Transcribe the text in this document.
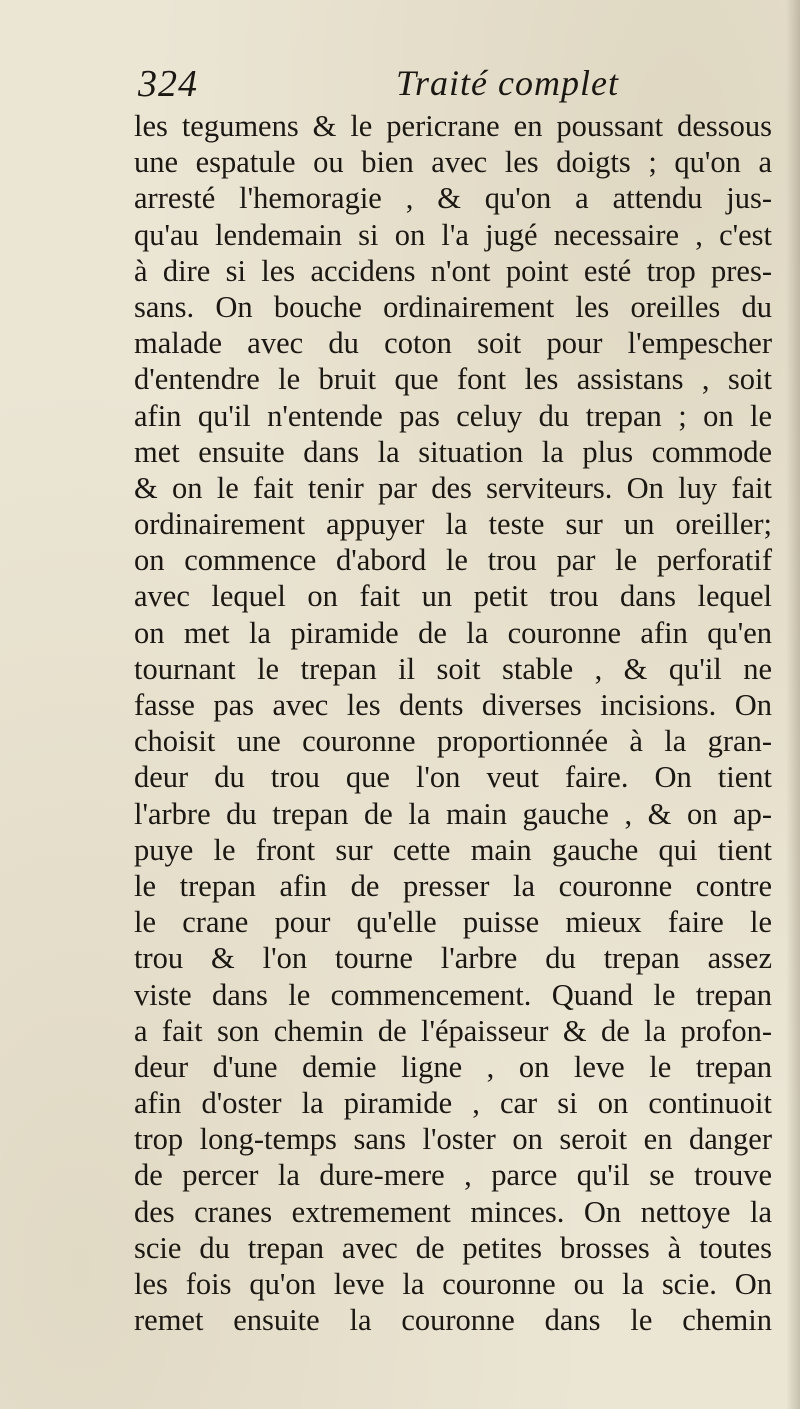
324	Traité complet
les tegumens & le pericrane en poussant dessous
une espatule ou bien avec les doigts ; qu'on a
arresté l'hemoragie , & qu'on a attendu jus-
qu'au lendemain si on l'a jugé necessaire , c'est
à dire si les accidens n'ont point esté trop pres-
sans. On bouche ordinairement les oreilles du
malade avec du coton soit pour l'empescher
d'entendre le bruit que font les assistans , soit
afin qu'il n'entende pas celuy du trepan ; on le
met ensuite dans la situation la plus commode
& on le fait tenir par des serviteurs. On luy fait
ordinairement appuyer la teste sur un oreiller;
on commence d'abord le trou par le perforatif
avec lequel on fait un petit trou dans lequel
on met la piramide de la couronne afin qu'en
tournant le trepan il soit stable , & qu'il ne
fasse pas avec les dents diverses incisions. On
choisit une couronne proportionnée à la gran-
deur du trou que l'on veut faire. On tient
l'arbre du trepan de la main gauche , & on ap-
puye le front sur cette main gauche qui tient
le trepan afin de presser la couronne contre
le crane pour qu'elle puisse mieux faire le
trou & l'on tourne l'arbre du trepan assez
viste dans le commencement. Quand le trepan
a fait son chemin de l'épaisseur & de la profon-
deur d'une demie ligne , on leve le trepan
afin d'oster la piramide , car si on continuoit
trop long-temps sans l'oster on seroit en danger
de percer la dure-mere , parce qu'il se trouve
des cranes extremement minces. On nettoye la
scie du trepan avec de petites brosses à toutes
les fois qu'on leve la couronne ou la scie. On
remet ensuite la couronne dans le chemin
